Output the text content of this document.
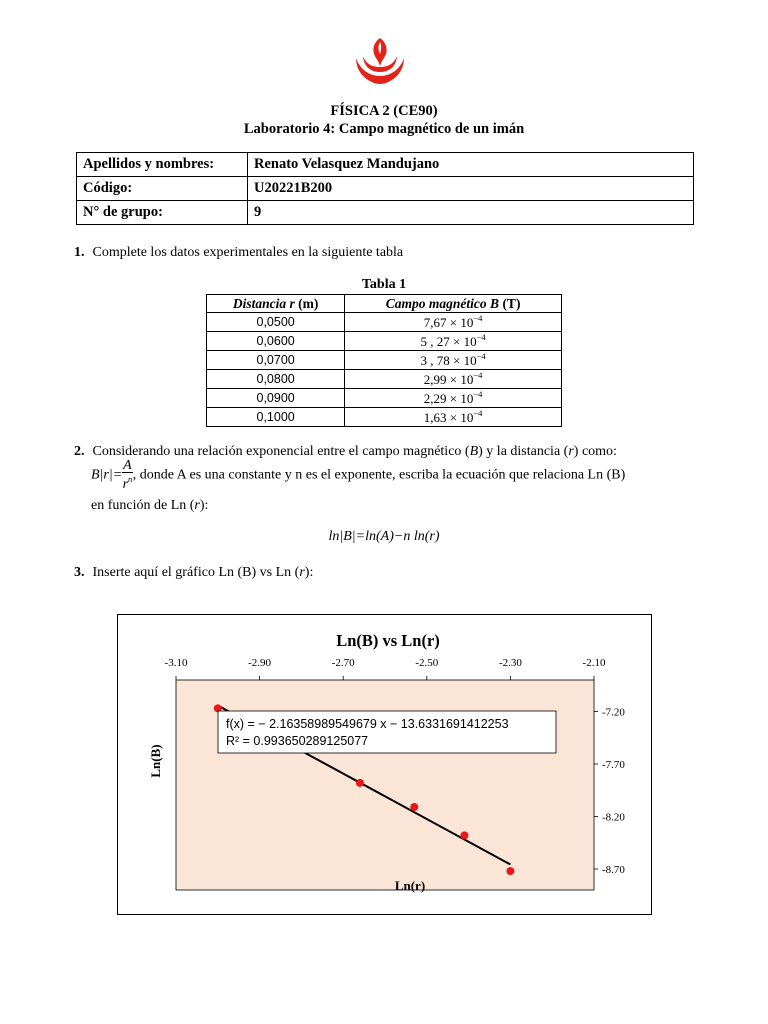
FÍSICA 2 (CE90)
Laboratorio 4: Campo magnético de un imán
Apellidos y nombres:	Renato Velasquez Mandujano
Código:	U20221B200
N° de grupo:	9
1. Complete los datos experimentales en la siguiente tabla
Tabla 1
Distancia r (m)	Campo magnético B (T)
0,0500	$7,67 \times 10^{-4}$
0,0600	5 , $27 \times 10^{-4}$
0,0700	3 , $78 \times 10^{-4}$
0,0800	$2,99 \times 10^{-4}$
0,0900	$2,29 \times 10^{-4}$
0,1000	$1,63 \times 10^{-4}$
2. Considerando una relación exponencial entre el campo magnético (B) y la distancia (r) como:
$B|r|= \frac{A}{r^n}$ , donde A es una constante y n es el exponente, escriba la ecuación que relaciona Ln (B)
en función de Ln (r):
ln|B|=ln(A)−n ln(r)
3. Inserte aquí el gráfico Ln (B) vs Ln (r):
Ln(B) vs Ln(r)
-3.10	-2.90	-2.70	-2.50	-2.30	-2.10
-7.20
-7.70
-8.20
-8.70
f(x) = − 2.16358989549679 x − 13.6331691412253
R² = 0.993650289125077
Ln(r)
Ln(B)
